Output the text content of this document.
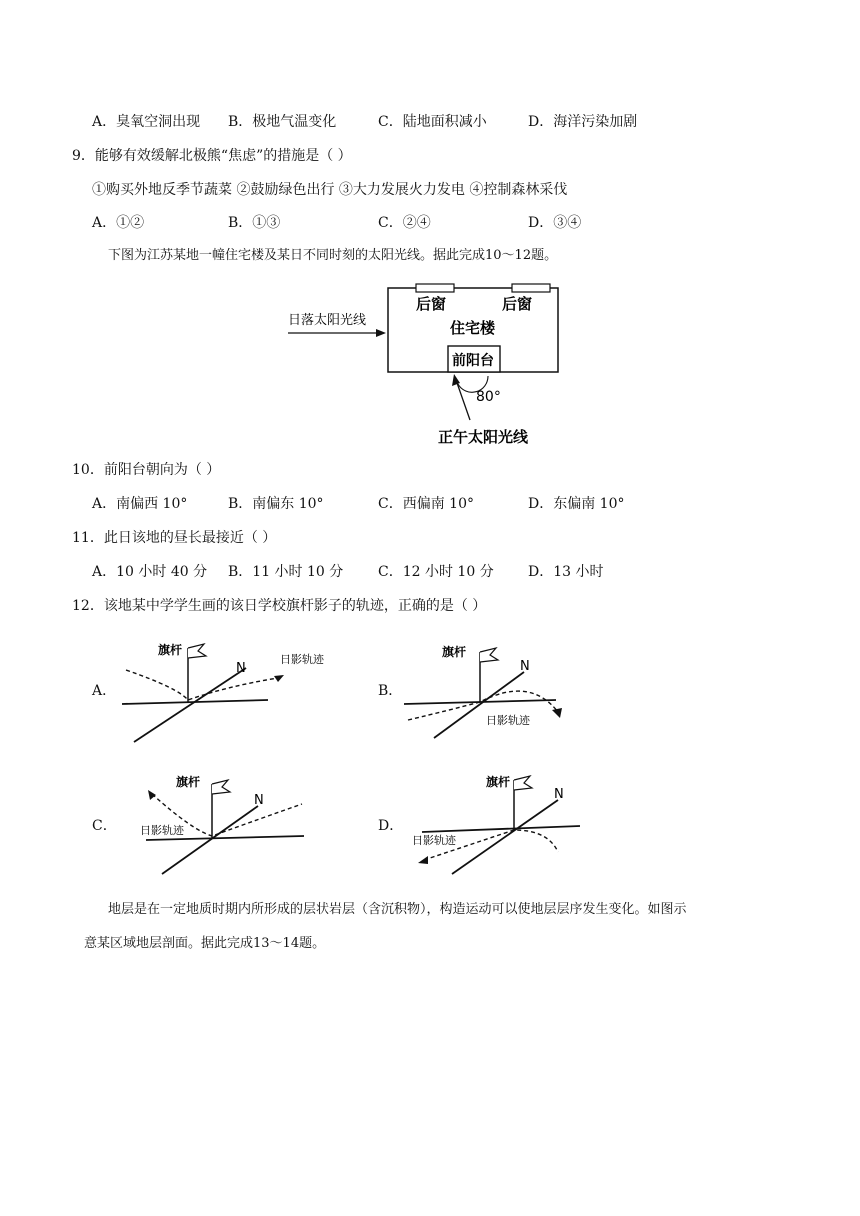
A．臭氧空洞出现 B．极地气温变化	C．陆地面积减小	D．海洋污染加剧
9．能够有效缓解北极熊“焦虑”的措施是（ ）
①购买外地反季节蔬菜 ②鼓励绿色出行 ③大力发展火力发电 ④控制森林采伐
A．①②	B．①③	C．②④	D．③④
下图为江苏某地一幢住宅楼及某日不同时刻的太阳光线。据此完成10～12题。
后窗	后窗
住宅楼
前阳台
日落太阳光线
80°
正午太阳光线
10．前阳台朝向为（ ）
A．南偏西 10°	B．南偏东 10°	C．西偏南 10°	D．东偏南 10°
11．此日该地的昼长最接近（ ）
A．10 小时 40 分 B．11 小时 10 分 C．12 小时 10 分 D．13 小时
12．该地某中学学生画的该日学校旗杆影子的轨迹，正确的是（ ）
A．	B．
C．	D．
旗杆
N
日影轨迹
旗杆
N
日影轨迹
旗杆
N
日影轨迹
旗杆
N
日影轨迹
地层是在一定地质时期内所形成的层状岩层（含沉积物），构造运动可以使地层层序发生变化。如图示
意某区域地层剖面。据此完成13～14题。
